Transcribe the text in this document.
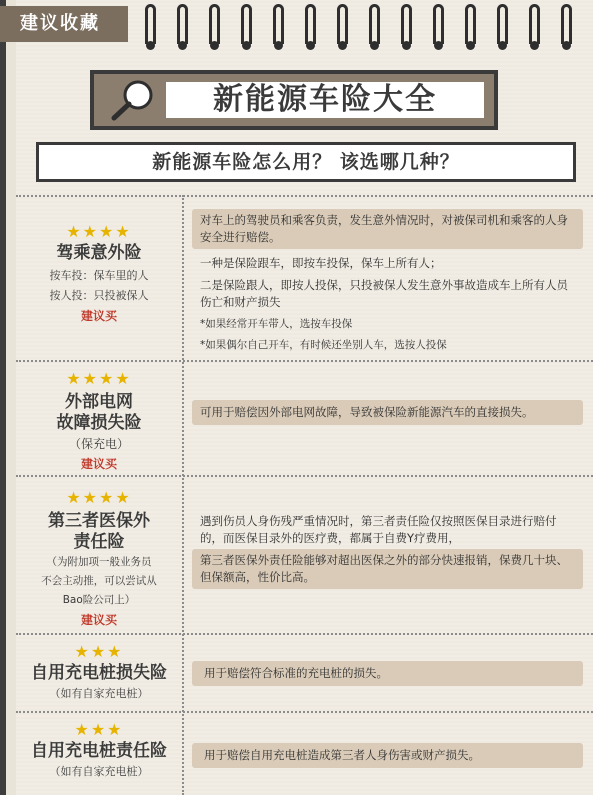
建议收藏
新能源车险大全
新能源车险怎么用？ 该选哪几种？
★★★★
驾乘意外险
按车投：保车里的人
按人投：只投被保人
建议买
对车上的驾驶员和乘客负责，发生意外情况时，对被保司机和乘客的人身安全进行赔偿。
一种是保险跟车，即按车投保，保车上所有人；
二是保险跟人，即按人投保，只投被保人发生意外事故造成车上所有人员伤亡和财产损失
*如果经常开车带人，选按车投保
*如果偶尔自己开车，有时候还坐别人车，选按人投保
★★★★
外部电网
故障损失险
（保充电）
建议买
可用于赔偿因外部电网故障，导致被保险新能源汽车的直接损失。
★★★★
第三者医保外
责任险
（为附加项一般业务员
不会主动推，可以尝试从
Bao险公司上）
建议买
遇到伤员人身伤残严重情况时，第三者责任险仅按照医保目录进行赔付的，而医保目录外的医疗费，都属于自费Y疗费用，
第三者医保外责任险能够对超出医保之外的部分快速报销，保费几十块、但保额高，性价比高。
★★★
自用充电桩损失险
（如有自家充电桩）
用于赔偿符合标准的充电桩的损失。
★★★
自用充电桩责任险
（如有自家充电桩）
用于赔偿自用充电桩造成第三者人身伤害或财产损失。
